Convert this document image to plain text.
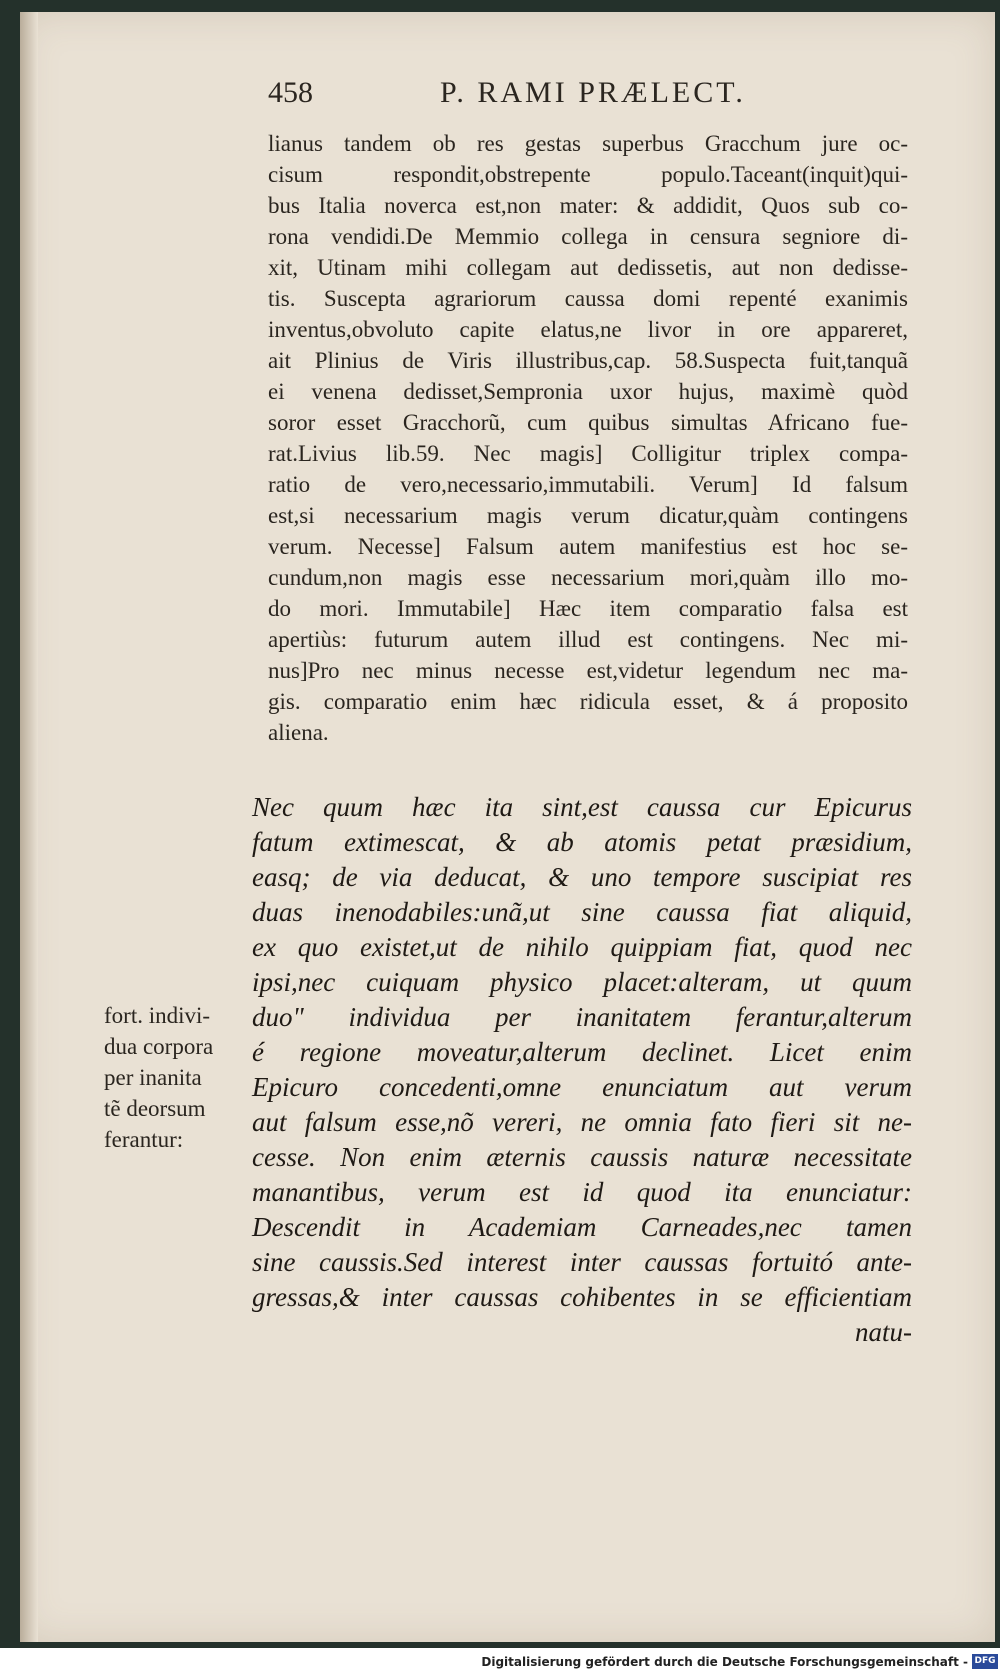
458	P. RAMI PRÆLECT.
lianus tandem ob res gestas superbus Gracchum jure oc-
cisum respondit,obstrepente populo.Taceant(inquit)qui-
bus Italia noverca est,non mater: & addidit, Quos sub co-
rona vendidi.De Memmio collega in censura segniore di-
xit, Utinam mihi collegam aut dedissetis, aut non dedisse-
tis. Suscepta agrariorum caussa domi repenté exanimis
inventus,obvoluto capite elatus,ne livor in ore appareret,
ait Plinius de Viris illustribus,cap. 58.Suspecta fuit,tanquã
ei venena dedisset,Sempronia uxor hujus, maximè quòd
soror esset Gracchorũ, cum quibus simultas Africano fue-
rat.Livius lib.59. Nec magis] Colligitur triplex compa-
ratio de vero,necessario,immutabili. Verum] Id falsum
est,si necessarium magis verum dicatur,quàm contingens
verum. Necesse] Falsum autem manifestius est hoc se-
cundum,non magis esse necessarium mori,quàm illo mo-
do mori. Immutabile] Hæc item comparatio falsa est
apertiùs: futurum autem illud est contingens. Nec mi-
nus]Pro nec minus necesse est,videtur legendum nec ma-
gis. comparatio enim hæc ridicula esset, & á proposito
aliena.
Nec quum hæc ita sint,est caussa cur Epicurus
fatum extimescat, & ab atomis petat præsidium,
easq; de via deducat, & uno tempore suscipiat res
duas inenodabiles:unã,ut sine caussa fiat aliquid,
ex quo existet,ut de nihilo quippiam fiat, quod nec
ipsi,nec cuiquam physico placet:alteram, ut quum
duo" individua per inanitatem ferantur,alterum
é regione moveatur,alterum declinet. Licet enim
Epicuro concedenti,omne enunciatum aut verum
aut falsum esse,nõ vereri, ne omnia fato fieri sit ne-
cesse. Non enim æternis caussis naturæ necessitate
manantibus, verum est id quod ita enunciatur:
Descendit in Academiam Carneades,nec tamen
sine caussis.Sed interest inter caussas fortuitó ante-
gressas,& inter caussas cohibentes in se efficientiam
natu-
fort. indivi-
dua corpora
per inanita
tẽ deorsum
ferantur:
Digitalisierung gefördert durch die Deutsche Forschungsgemeinschaft - DFG
